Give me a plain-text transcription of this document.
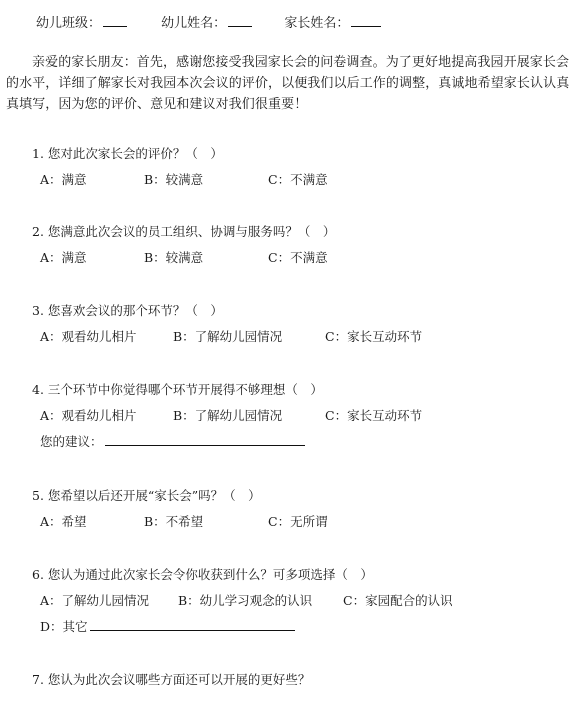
幼儿班级：	幼儿姓名：	家长姓名：
亲爱的家长朋友：首先，感谢您接受我园家长会的问卷调查。为了更好地提高我园开展家长会的水平，详细了解家长对我园本次会议的评价，以便我们以后工作的调整，真诚地希望家长认认真真填写，因为您的评价、意见和建议对我们很重要！
1. 您对此次家长会的评价？（　）
A：满意	B：较满意	C：不满意
2. 您满意此次会议的员工组织、协调与服务吗？（　）
A：满意	B：较满意	C：不满意
3. 您喜欢会议的那个环节？（　）
A：观看幼儿相片	B：了解幼儿园情况	C：家长互动环节
4. 三个环节中你觉得哪个环节开展得不够理想（　）
A：观看幼儿相片	B：了解幼儿园情况	C：家长互动环节
您的建议：
5. 您希望以后还开展“家长会”吗？（　）
A：希望	B：不希望	C：无所谓
6. 您认为通过此次家长会令你收获到什么？可多项选择（　）
A：了解幼儿园情况 B：幼儿学习观念的认识 C：家园配合的认识
D：其它
7. 您认为此次会议哪些方面还可以开展的更好些？
